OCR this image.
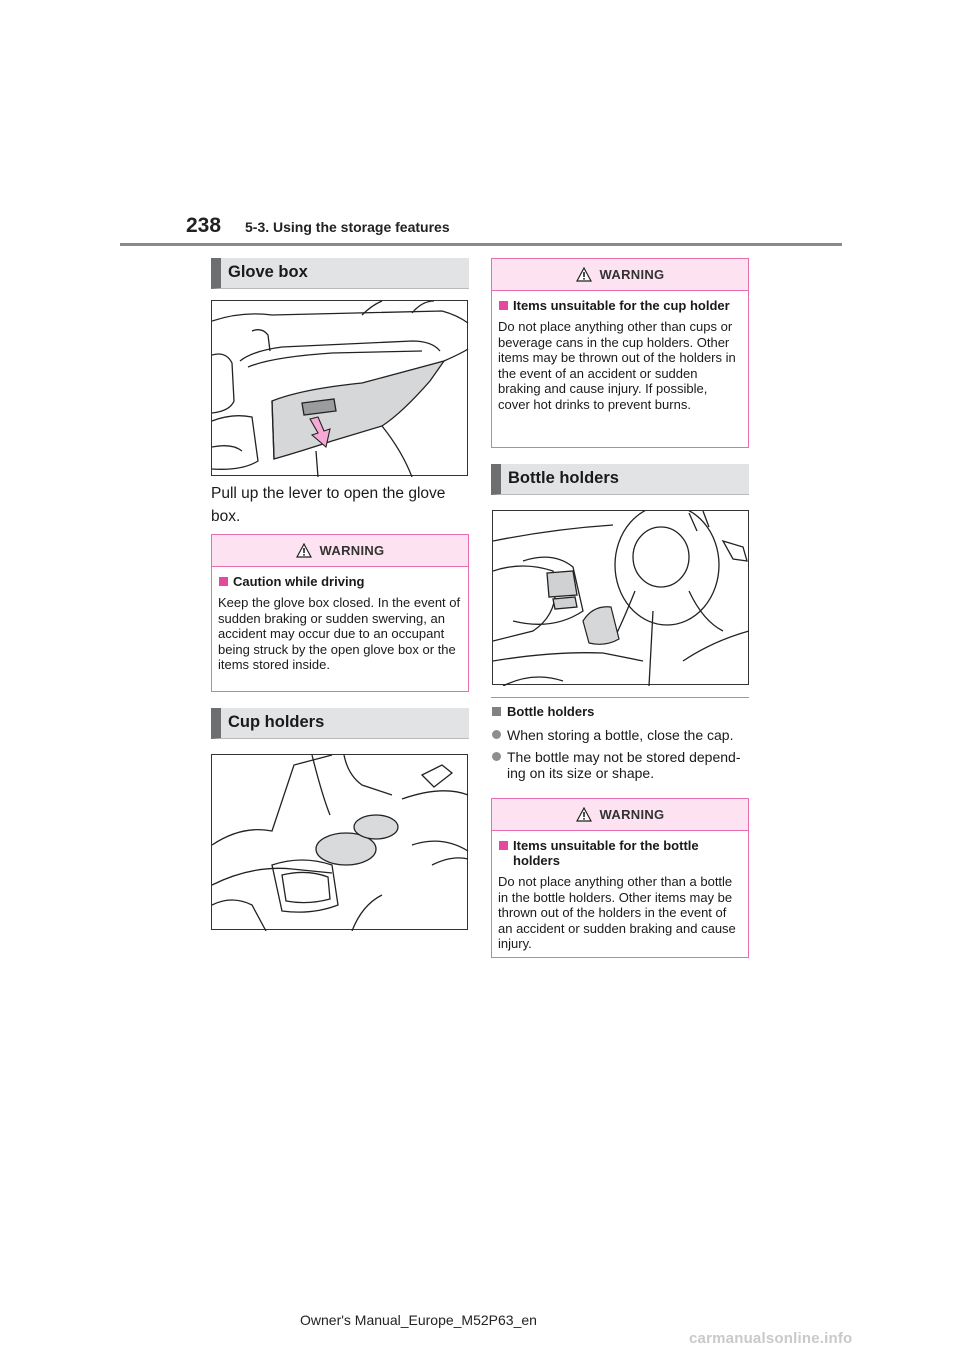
238 5-3. Using the storage features
Glove box
Pull up the lever to open the glove box.
WARNING
Caution while driving
Keep the glove box closed. In the event of sudden braking or sudden swerving, an accident may occur due to an occupant being struck by the open glove box or the items stored inside.
Cup holders
WARNING
Items unsuitable for the cup holder
Do not place anything other than cups or beverage cans in the cup holders. Other items may be thrown out of the holders in the event of an accident or sudden braking and cause injury. If possible, cover hot drinks to prevent burns.
Bottle holders
Bottle holders
When storing a bottle, close the cap.
The bottle may not be stored depend-ing on its size or shape.
WARNING
Items unsuitable for the bottle holders
Do not place anything other than a bottle in the bottle holders. Other items may be thrown out of the holders in the event of an accident or sudden braking and cause injury.
Owner's Manual_Europe_M52P63_en
carmanualsonline.info
